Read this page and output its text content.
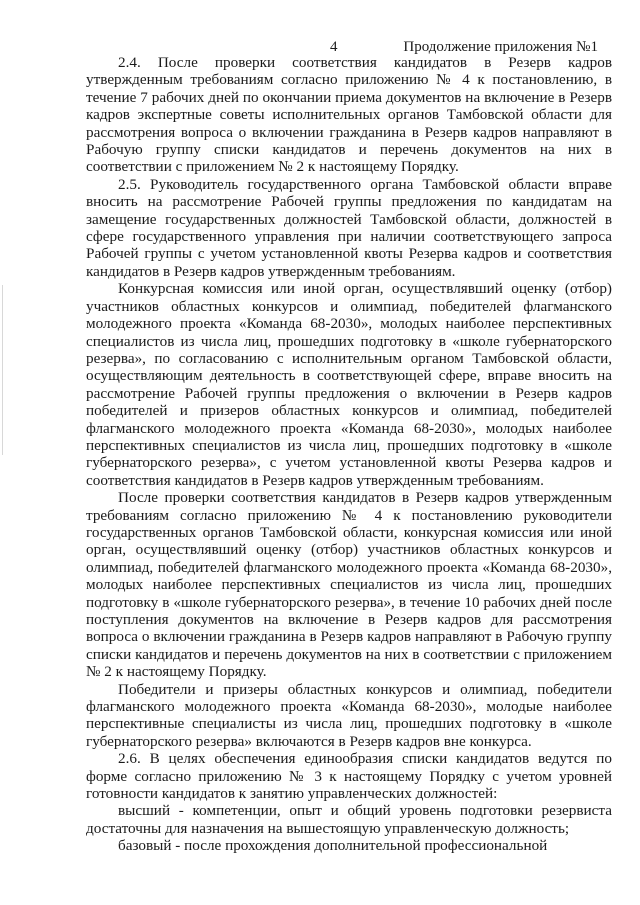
4	Продолжение приложения №1

2.4. После проверки соответствия кандидатов в Резерв кадров утвержденным требованиям согласно приложению № 4 к постановлению, в течение 7 рабочих дней по окончании приема документов на включение в Резерв кадров экспертные советы исполнительных органов Тамбовской области для рассмотрения вопроса о включении гражданина в Резерв кадров направляют в Рабочую группу списки кандидатов и перечень документов на них в соответствии с приложением № 2 к настоящему Порядку.

2.5. Руководитель государственного органа Тамбовской области вправе вносить на рассмотрение Рабочей группы предложения по кандидатам на замещение государственных должностей Тамбовской области, должностей в сфере государственного управления при наличии соответствующего запроса Рабочей группы с учетом установленной квоты Резерва кадров и соответствия кандидатов в Резерв кадров утвержденным требованиям.

Конкурсная комиссия или иной орган, осуществлявший оценку (отбор) участников областных конкурсов и олимпиад, победителей флагманского молодежного проекта «Команда 68-2030», молодых наиболее перспективных специалистов из числа лиц, прошедших подготовку в «школе губернаторского резерва», по согласованию с исполнительным органом Тамбовской области, осуществляющим деятельность в соответствующей сфере, вправе вносить на рассмотрение Рабочей группы предложения о включении в Резерв кадров победителей и призеров областных конкурсов и олимпиад, победителей флагманского молодежного проекта «Команда 68-2030», молодых наиболее перспективных специалистов из числа лиц, прошедших подготовку в «школе губернаторского резерва», с учетом установленной квоты Резерва кадров и соответствия кандидатов в Резерв кадров утвержденным требованиям.

После проверки соответствия кандидатов в Резерв кадров утвержденным требованиям согласно приложению № 4 к постановлению руководители государственных органов Тамбовской области, конкурсная комиссия или иной орган, осуществлявший оценку (отбор) участников областных конкурсов и олимпиад, победителей флагманского молодежного проекта «Команда 68-2030», молодых наиболее перспективных специалистов из числа лиц, прошедших подготовку в «школе губернаторского резерва», в течение 10 рабочих дней после поступления документов на включение в Резерв кадров для рассмотрения вопроса о включении гражданина в Резерв кадров направляют в Рабочую группу списки кандидатов и перечень документов на них в соответствии с приложением № 2 к настоящему Порядку.

Победители и призеры областных конкурсов и олимпиад, победители флагманского молодежного проекта «Команда 68-2030», молодые наиболее перспективные специалисты из числа лиц, прошедших подготовку в «школе губернаторского резерва» включаются в Резерв кадров вне конкурса.

2.6. В целях обеспечения единообразия списки кандидатов ведутся по форме согласно приложению № 3 к настоящему Порядку с учетом уровней готовности кандидатов к занятию управленческих должностей:

высший - компетенции, опыт и общий уровень подготовки резервиста достаточны для назначения на вышестоящую управленческую должность;

базовый - после прохождения дополнительной профессиональной
